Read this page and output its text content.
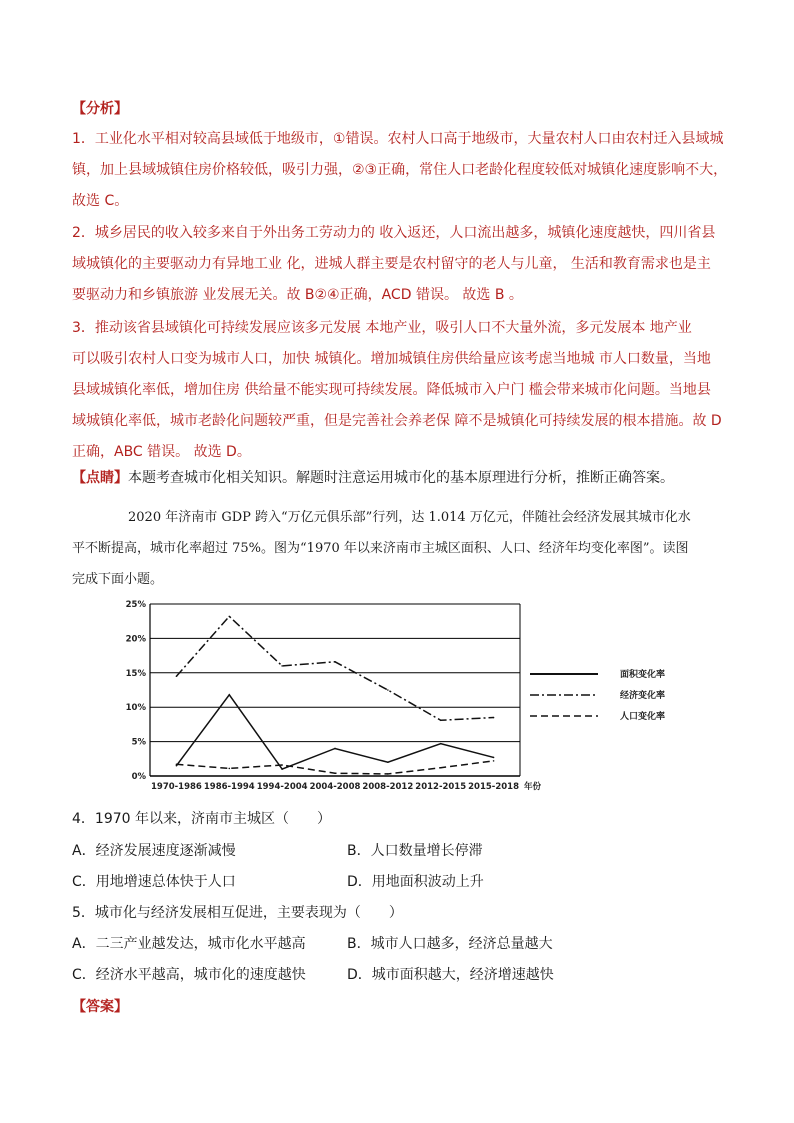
【分析】
1．工业化水平相对较高县域低于地级市，①错误。农村人口高于地级市，大量农村人口由农村迁入县域城
镇，加上县域城镇住房价格较低，吸引力强，②③正确，常住人口老龄化程度较低对城镇化速度影响不大，
故选 C。
2．城乡居民的收入较多来自于外出务工劳动力的 收入返还，人口流出越多，城镇化速度越快，四川省县
域城镇化的主要驱动力有异地工业 化，进城人群主要是农村留守的老人与儿童， 生活和教育需求也是主
要驱动力和乡镇旅游 业发展无关。故 B②④正确，ACD 错误。 故选 B 。
3．推动该省县域镇化可持续发展应该多元发展 本地产业，吸引人口不大量外流，多元发展本 地产业
可以吸引农村人口变为城市人口，加快 城镇化。增加城镇住房供给量应该考虑当地城 市人口数量，当地
县域城镇化率低，增加住房 供给量不能实现可持续发展。降低城市入户门 槛会带来城市化问题。当地县
域城镇化率低，城市老龄化问题较严重，但是完善社会养老保 障不是城镇化可持续发展的根本措施。故 D
正确，ABC 错误。 故选 D。
【点睛】本题考查城市化相关知识。解题时注意运用城市化的基本原理进行分析，推断正确答案。
2020 年济南市 GDP 跨入“万亿元俱乐部”行列，达 1.014 万亿元，伴随社会经济发展其城市化水
平不断提高，城市化率超过 75%。图为“1970 年以来济南市主城区面积、人口、经济年均变化率图”。读图
完成下面小题。
0%
5%
10%
15%
20%
25%
1970-1986 1986-1994 1994-2004 2004-2008 2008-2012 2012-2015 2015-2018 年份
面积变化率
经济变化率
人口变化率
4．1970 年以来，济南市主城区（　　）
A．经济发展速度逐渐减慢	B．人口数量增长停滞
C．用地增速总体快于人口	D．用地面积波动上升
5．城市化与经济发展相互促进，主要表现为（　　）
A．二三产业越发达，城市化水平越高	B．城市人口越多，经济总量越大
C．经济水平越高，城市化的速度越快	D．城市面积越大，经济增速越快
【答案】
